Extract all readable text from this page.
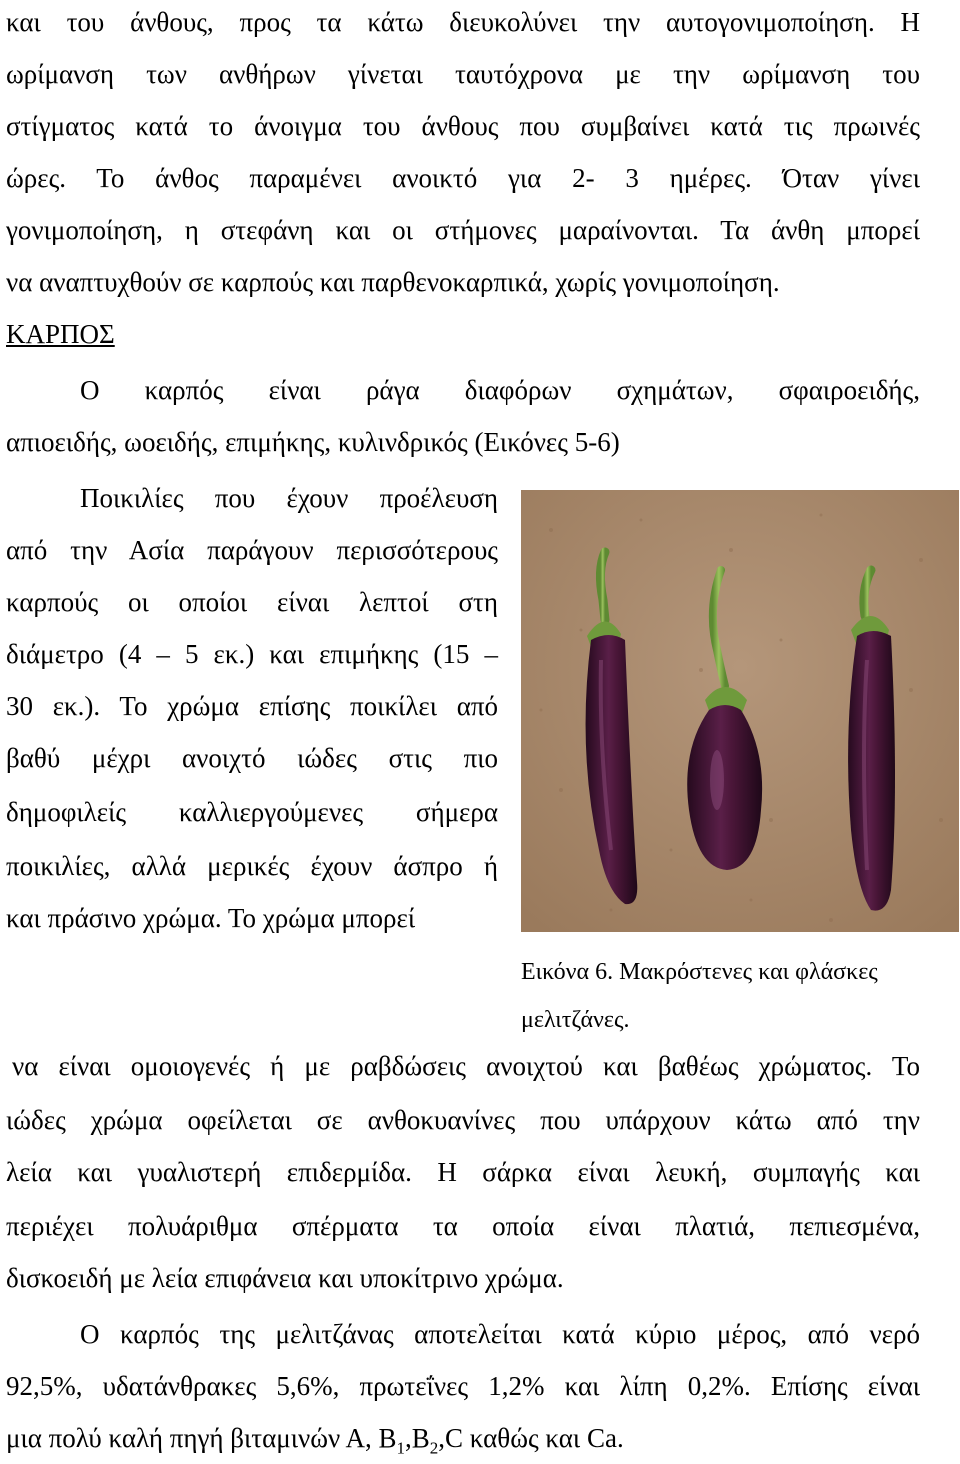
και του άνθους, προς τα κάτω διευκολύνει την αυτογονιμοποίηση. Η
ωρίμανση των ανθήρων γίνεται ταυτόχρονα με την ωρίμανση του
στίγματος κατά το άνοιγμα του άνθους που συμβαίνει κατά τις πρωινές
ώρες. Το άνθος παραμένει ανοικτό για 2- 3 ημέρες. Όταν γίνει
γονιμοποίηση, η στεφάνη και οι στήμονες μαραίνονται. Τα άνθη μπορεί
να αναπτυχθούν σε καρπούς και παρθενοκαρπικά, χωρίς γονιμοποίηση.
ΚΑΡΠΟΣ
Ο καρπός είναι ράγα διαφόρων σχημάτων, σφαιροειδής,
απιοειδής, ωοειδής, επιμήκης, κυλινδρικός (Εικόνες 5-6)
Ποικιλίες που έχουν προέλευση
από την Ασία παράγουν περισσότερους
καρπούς οι οποίοι είναι λεπτοί στη
διάμετρο (4 – 5 εκ.) και επιμήκης (15 –
30 εκ.). Το χρώμα επίσης ποικίλει από
βαθύ μέχρι ανοιχτό ιώδες στις πιο
δημοφιλείς καλλιεργούμενες σήμερα
ποικιλίες, αλλά μερικές έχουν άσπρο ή
και πράσινο χρώμα. Το χρώμα μπορεί
Εικόνα 6. Μακρόστενες και φλάσκες
μελιτζάνες.
να είναι ομοιογενές ή με ραβδώσεις ανοιχτού και βαθέως χρώματος. Το
ιώδες χρώμα οφείλεται σε ανθοκυανίνες που υπάρχουν κάτω από την
λεία και γυαλιστερή επιδερμίδα. Η σάρκα είναι λευκή, συμπαγής και
περιέχει πολυάριθμα σπέρματα τα οποία είναι πλατιά, πεπιεσμένα,
δισκοειδή με λεία επιφάνεια και υποκίτρινο χρώμα.
Ο καρπός της μελιτζάνας αποτελείται κατά κύριο μέρος, από νερό
92,5%, υδατάνθρακες 5,6%, πρωτεΐνες 1,2% και λίπη 0,2%. Επίσης είναι
μια πολύ καλή πηγή βιταμινών Α, $B_1,B_2,C$ καθώς και Ca.
